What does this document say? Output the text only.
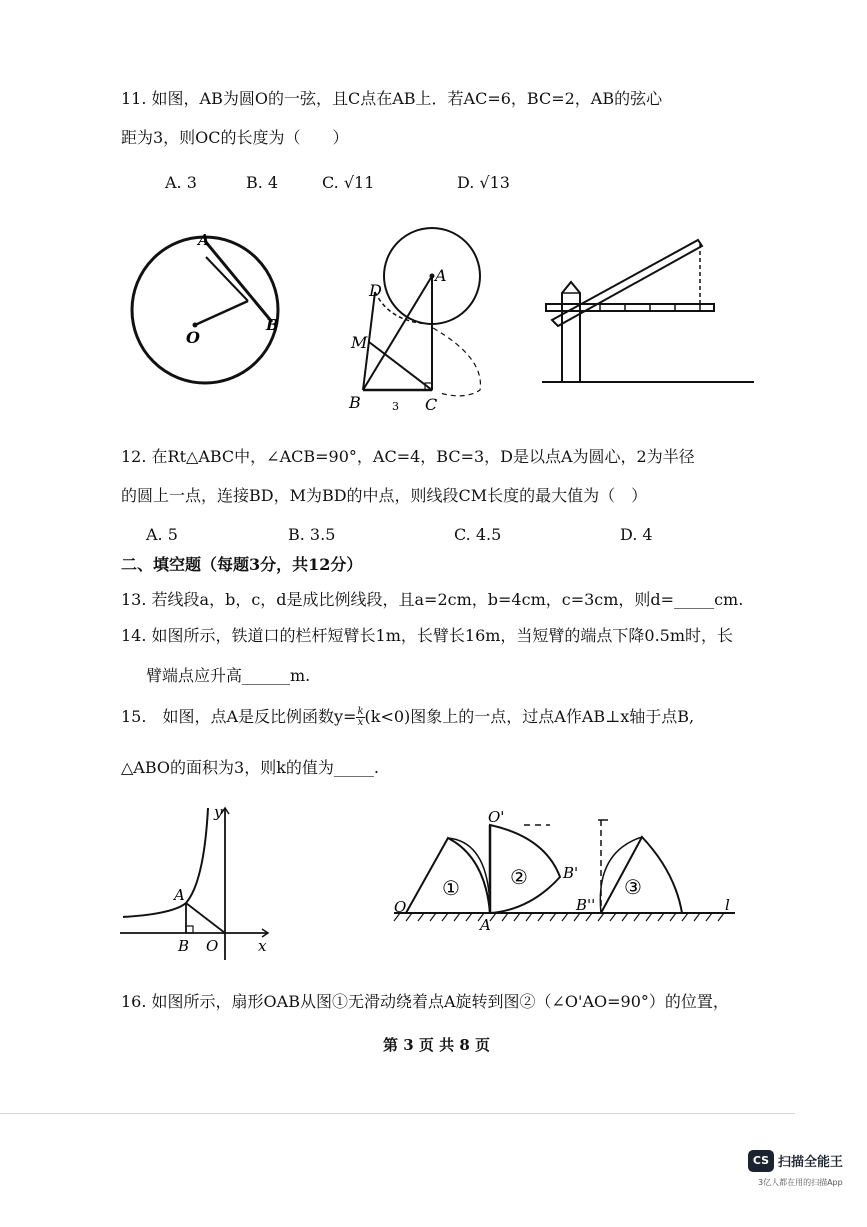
11. 如图，AB为圆O的一弦，且C点在AB上．若AC=6，BC=2，AB的弦心
距为3，则OC的长度为（　　）
A. 3	B. 4	C. √11	D. √13
A
O
B
A
D
M
B	C
3
12. 在Rt△ABC中，∠ACB=90°，AC=4，BC=3，D是以点A为圆心，2为半径
的圆上一点，连接BD，M为BD的中点，则线段CM长度的最大值为（　）
A. 5	B. 3.5	C. 4.5	D. 4
二、填空题（每题3分，共12分）
13. 若线段a，b，c，d是成比例线段，且a=2cm，b=4cm，c=3cm，则d=_____cm.
14. 如图所示，铁道口的栏杆短臂长1m，长臂长16m，当短臂的端点下降0.5m时，长
臂端点应升高______m.
15.　如图，点A是反比例函数$y= \frac{k}{x} (k<0)$图象上的一点，过点A作AB⊥x轴于点B,
△ABO的面积为3，则k的值为_____.
y
A
B O	x
O
O'
A
B'
B''	l
①	②	③
16. 如图所示，扇形OAB从图①无滑动绕着点A旋转到图②（∠O'AO=90°）的位置，
第 3 页 共 8 页
CS 扫描全能王
3亿人都在用的扫描App
